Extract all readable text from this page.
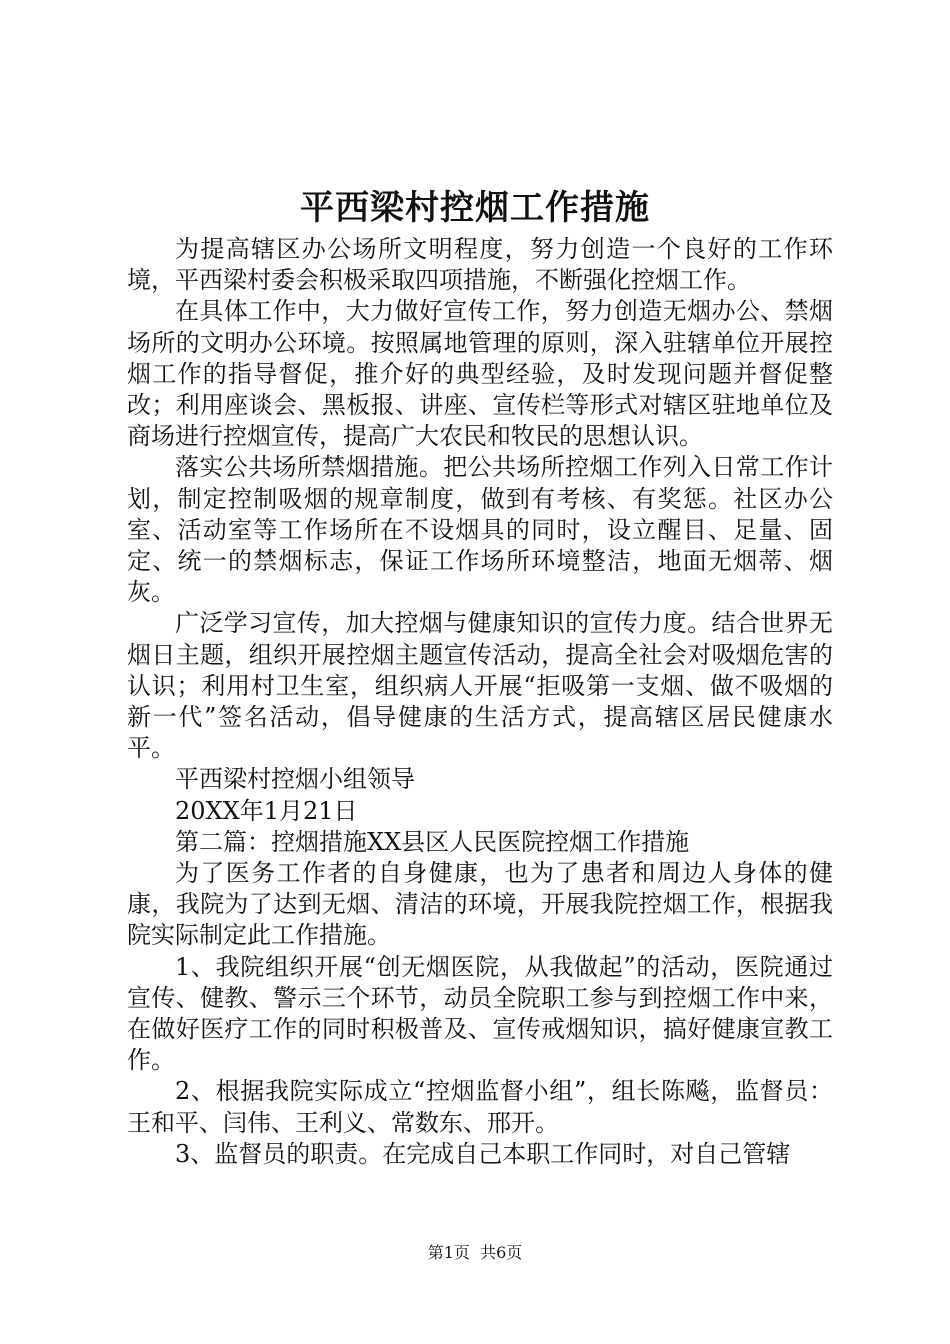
平西梁村控烟工作措施

为提高辖区办公场所文明程度，努力创造一个良好的工作环境，平西梁村委会积极采取四项措施，不断强化控烟工作。

在具体工作中，大力做好宣传工作，努力创造无烟办公、禁烟场所的文明办公环境。按照属地管理的原则，深入驻辖单位开展控烟工作的指导督促，推介好的典型经验，及时发现问题并督促整改；利用座谈会、黑板报、讲座、宣传栏等形式对辖区驻地单位及商场进行控烟宣传，提高广大农民和牧民的思想认识。

落实公共场所禁烟措施。把公共场所控烟工作列入日常工作计划，制定控制吸烟的规章制度，做到有考核、有奖惩。社区办公室、活动室等工作场所在不设烟具的同时，设立醒目、足量、固定、统一的禁烟标志，保证工作场所环境整洁，地面无烟蒂、烟灰。

广泛学习宣传，加大控烟与健康知识的宣传力度。结合世界无烟日主题，组织开展控烟主题宣传活动，提高全社会对吸烟危害的认识；利用村卫生室，组织病人开展“拒吸第一支烟、做不吸烟的新一代”签名活动，倡导健康的生活方式，提高辖区居民健康水平。

平西梁村控烟小组领导

20XX年1月21日

第二篇：控烟措施XX县区人民医院控烟工作措施

为了医务工作者的自身健康，也为了患者和周边人身体的健康，我院为了达到无烟、清洁的环境，开展我院控烟工作，根据我院实际制定此工作措施。

1、我院组织开展“创无烟医院，从我做起”的活动，医院通过宣传、健教、警示三个环节，动员全院职工参与到控烟工作中来，在做好医疗工作的同时积极普及、宣传戒烟知识，搞好健康宣教工作。

2、根据我院实际成立“控烟监督小组”，组长陈飚，监督员：王和平、闫伟、王利义、常数东、邢开。

3、监督员的职责。在完成自己本职工作同时，对自己管辖

第1页  共6页
